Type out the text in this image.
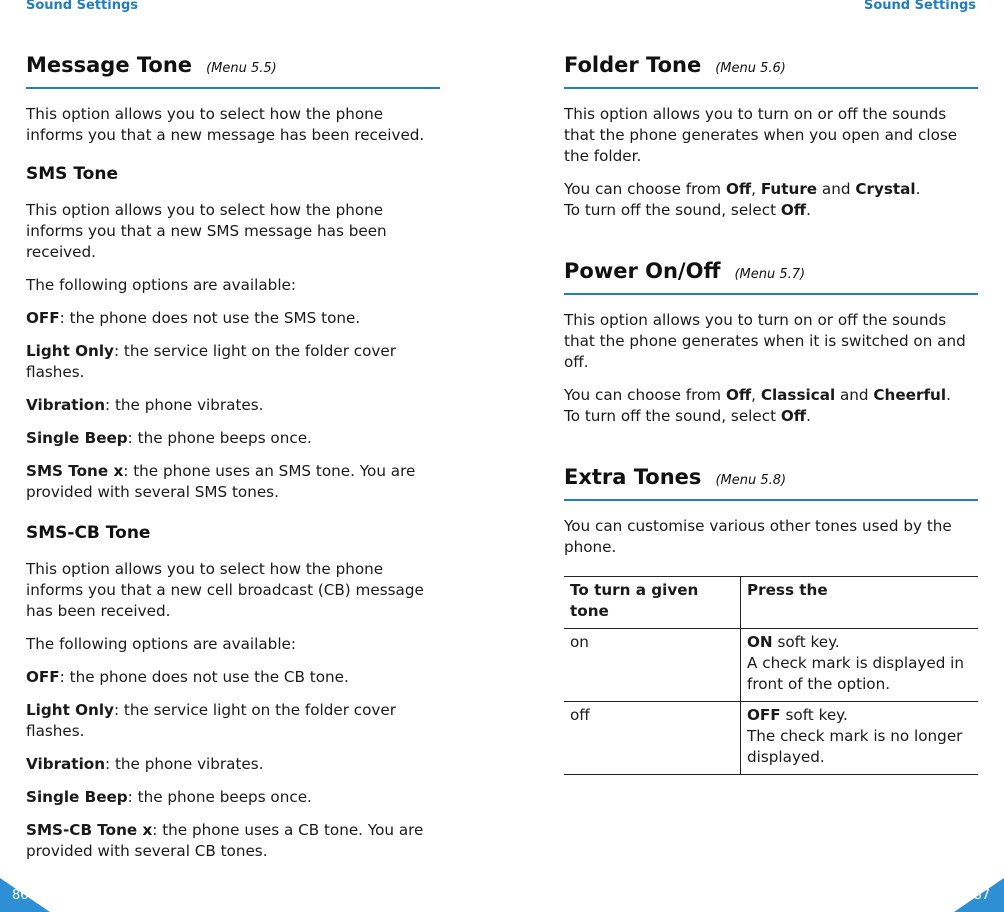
Sound Settings
Message Tone (Menu 5.5)

This option allows you to select how the phone informs you that a new message has been received.

SMS Tone

This option allows you to select how the phone informs you that a new SMS message has been received.

The following options are available:

OFF: the phone does not use the SMS tone.

Light Only: the service light on the folder cover flashes.

Vibration: the phone vibrates.

Single Beep: the phone beeps once.

SMS Tone x: the phone uses an SMS tone. You are provided with several SMS tones.

SMS-CB Tone

This option allows you to select how the phone informs you that a new cell broadcast (CB) message has been received.

The following options are available:

OFF: the phone does not use the CB tone.

Light Only: the service light on the folder cover flashes.

Vibration: the phone vibrates.

Single Beep: the phone beeps once.

SMS-CB Tone x: the phone uses a CB tone. You are provided with several CB tones.

86
Sound Settings
Folder Tone (Menu 5.6)

This option allows you to turn on or off the sounds that the phone generates when you open and close the folder.

You can choose from Off, Future and Crystal.
To turn off the sound, select Off.

Power On/Off (Menu 5.7)

This option allows you to turn on or off the sounds that the phone generates when it is switched on and off.

You can choose from Off, Classical and Cheerful.
To turn off the sound, select Off.

Extra Tones (Menu 5.8)

You can customise various other tones used by the phone.

To turn a given tone	Press the
on	ON soft key.
A check mark is displayed in front of the option.
off	OFF soft key.
The check mark is no longer displayed.
87
